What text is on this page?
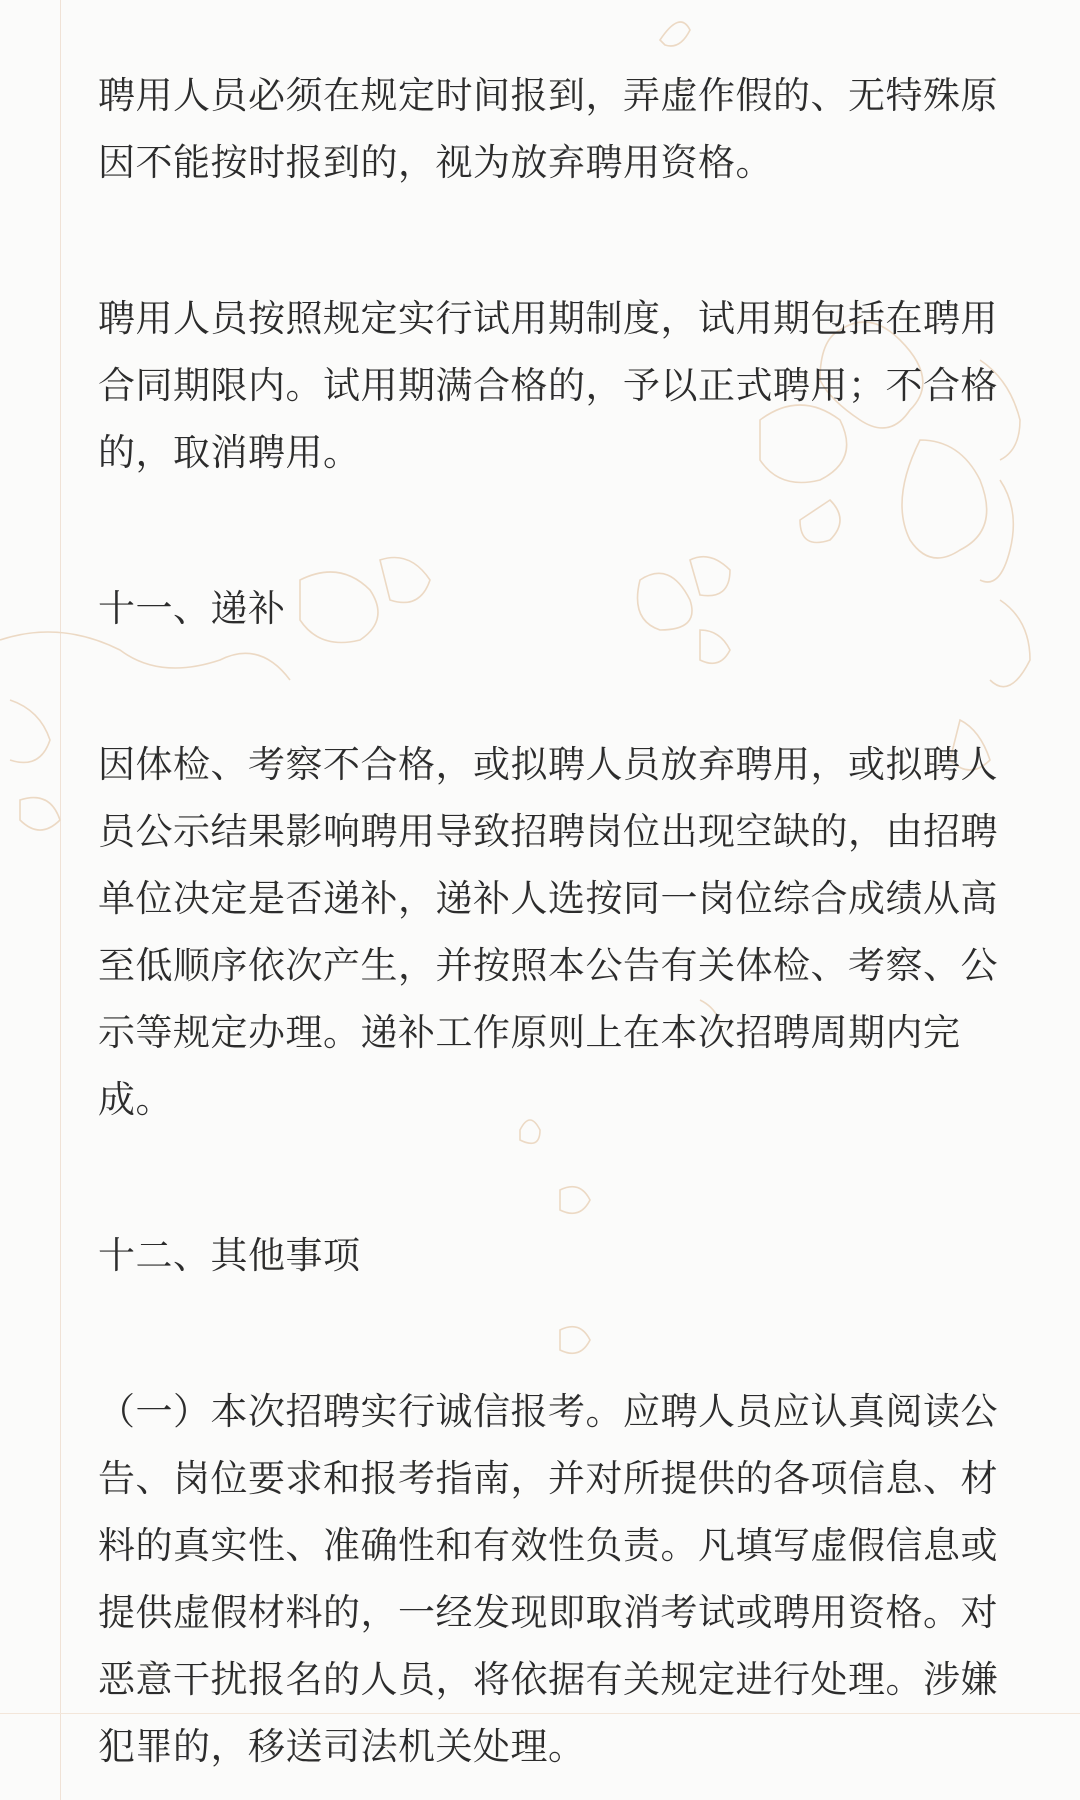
聘用人员必须在规定时间报到，弄虚作假的、无特殊原
因不能按时报到的，视为放弃聘用资格。

聘用人员按照规定实行试用期制度，试用期包括在聘用
合同期限内。试用期满合格的，予以正式聘用；不合格
的，取消聘用。

十一、递补

因体检、考察不合格，或拟聘人员放弃聘用，或拟聘人
员公示结果影响聘用导致招聘岗位出现空缺的，由招聘
单位决定是否递补，递补人选按同一岗位综合成绩从高
至低顺序依次产生，并按照本公告有关体检、考察、公
示等规定办理。递补工作原则上在本次招聘周期内完
成。

十二、其他事项

（一）本次招聘实行诚信报考。应聘人员应认真阅读公
告、岗位要求和报考指南，并对所提供的各项信息、材
料的真实性、准确性和有效性负责。凡填写虚假信息或
提供虚假材料的，一经发现即取消考试或聘用资格。对
恶意干扰报名的人员，将依据有关规定进行处理。涉嫌
犯罪的，移送司法机关处理。
